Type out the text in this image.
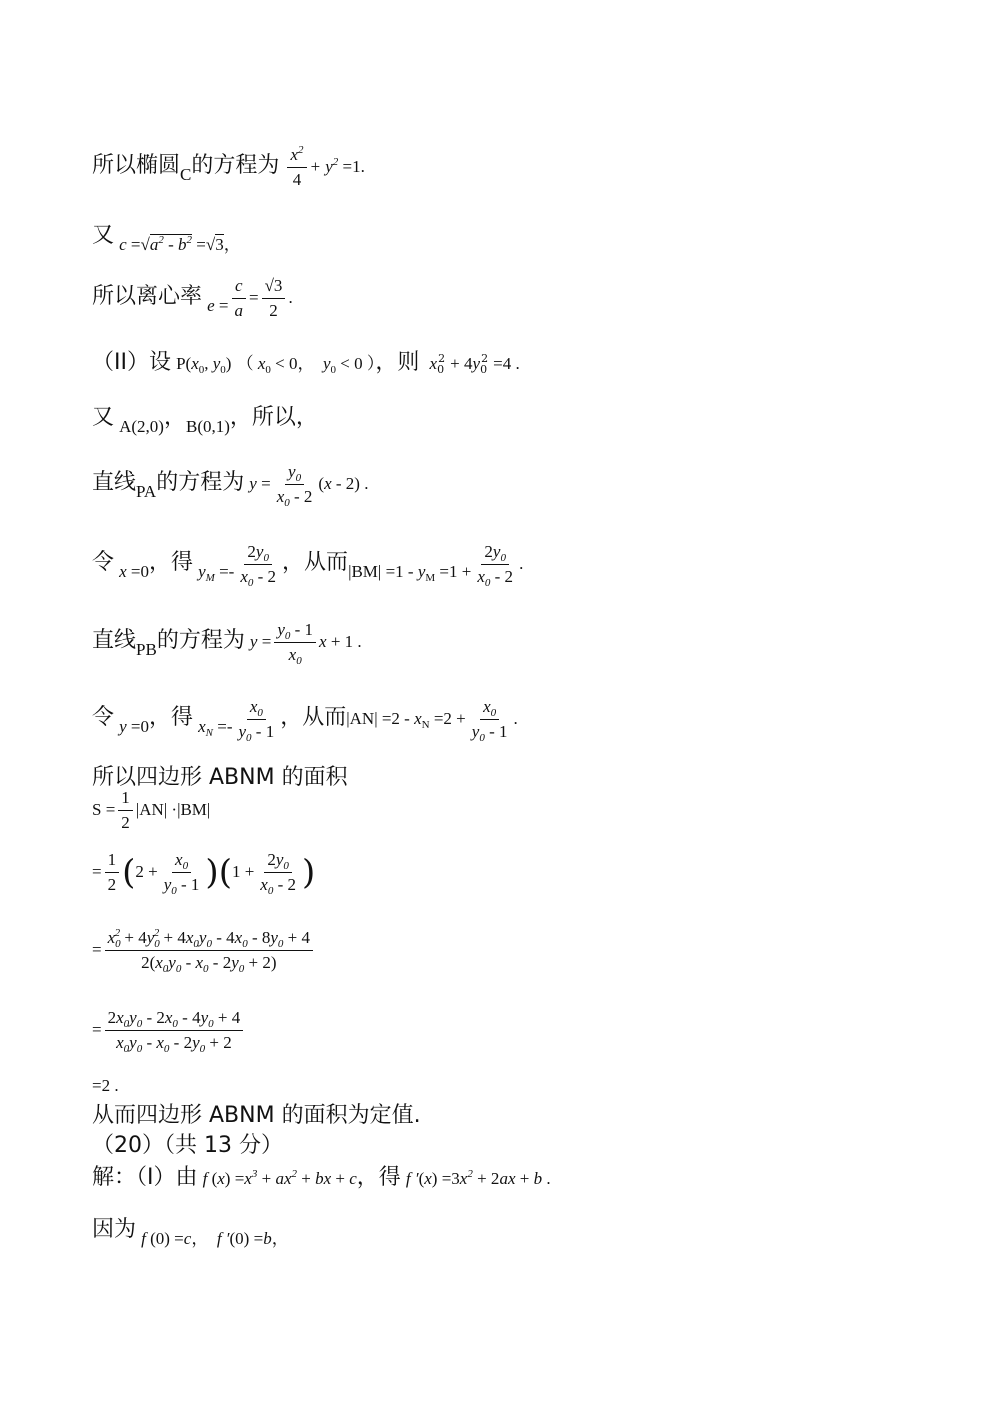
所以椭圆C的方程为 $\frac{x^2}{4} + y^2 =1$.
又 $c =√a^2 - b^2 =√3$，
所以离心率 $e = \frac{c}{a} = \frac{√3}{2}$ .
（II）设 $P(x_0$, $y_0$) （ $x_0 < 0$，  $y_0 < 0$ ），则 $x_0^2 + 4y_0^2 =4$ .
又 A(2,0)，B(0,1)，所以，
直线PA的方程为 $y = \frac{y_0}{x_0 - 2} (x - 2)$ .
令 x =0，得 $y_M =- \frac{2y_0}{x_0 - 2}$ ，从而$|BM| =1 - y_M =1 + \frac{2y_0}{x_0 - 2}$ .
直线PB的方程为 $y = \frac{y_0 - 1}{x_0}$ x + 1 .
令 y =0，得 $x_N =- \frac{x_0}{y_0 - 1}$ ，从而$|AN| =2 - x_N =2 + \frac{x_0}{y_0 - 1}$ .
所以四边形 ABNM 的面积
$S = \frac{1}{2} |AN| \cdot|BM|$
= $\frac{1}{2} (2 + \frac{x_0}{y_0 - 1} )(1 + \frac{2y_0}{x_0 - 2}$ )
= $\frac{x_0^2 + 4y_0^2 + 4x_0y_0 - 4x_0 - 8y_0 + 4}{2(x_0y_0 - x_0 - 2y_0 + 2)}$
= $\frac{2x_0y_0 - 2x_0 - 4y_0 + 4}{x_0y_0 - x_0 - 2y_0 + 2}$
=2 .
从而四边形 ABNM 的面积为定值.
（20）（共 13 分）
解：（I）由 f $(x) =x^3 + ax^2$ + bx + c，得 f $'(x) =3x^2 + 2ax + b$ .
因为 f (0) =c，  f ′(0) =b，
